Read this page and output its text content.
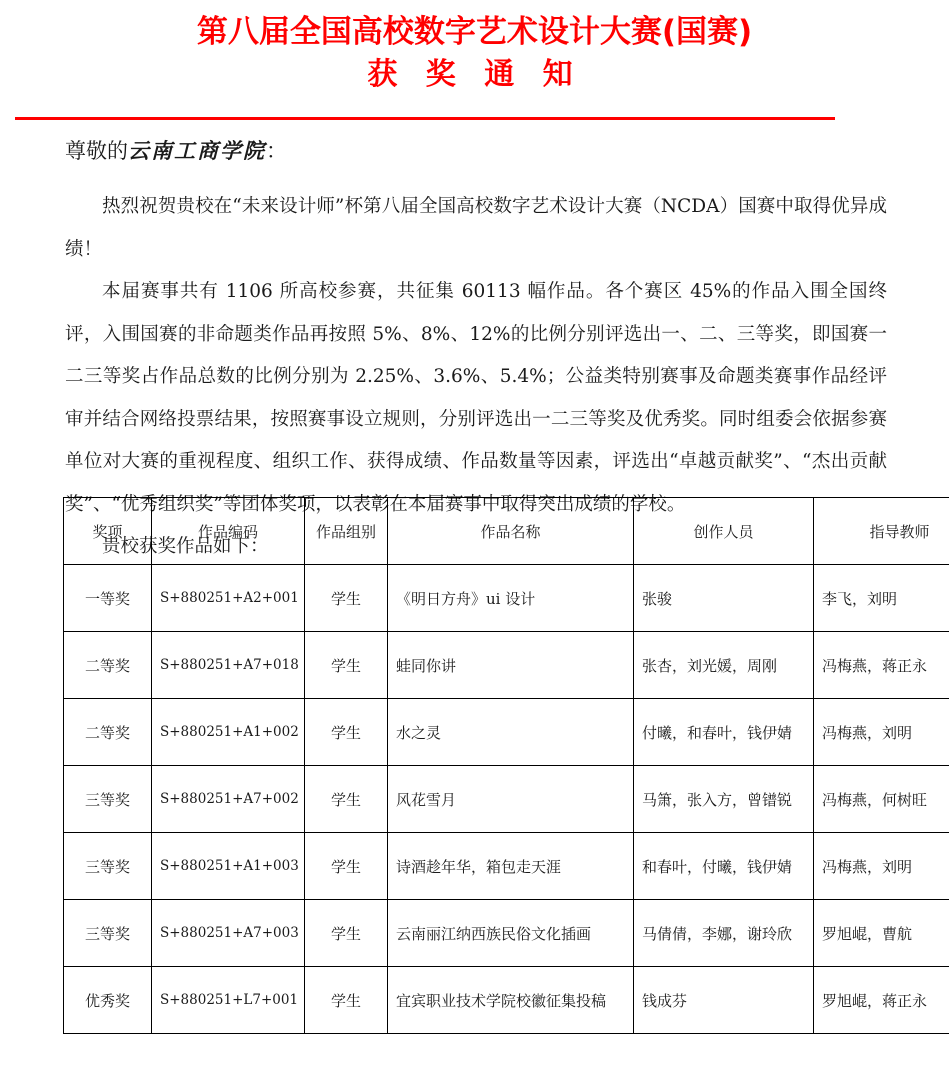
第八届全国高校数字艺术设计大赛(国赛)
获 奖 通 知

尊敬的云南工商学院：

热烈祝贺贵校在“未来设计师”杯第八届全国高校数字艺术设计大赛（NCDA）国赛中取得优异成绩！

本届赛事共有 1106 所高校参赛，共征集 60113 幅作品。各个赛区 45%的作品入围全国终评，入围国赛的非命题类作品再按照 5%、8%、12%的比例分别评选出一、二、三等奖，即国赛一二三等奖占作品总数的比例分别为 2.25%、3.6%、5.4%；公益类特别赛事及命题类赛事作品经评审并结合网络投票结果，按照赛事设立规则，分别评选出一二三等奖及优秀奖。同时组委会依据参赛单位对大赛的重视程度、组织工作、获得成绩、作品数量等因素，评选出“卓越贡献奖”、“杰出贡献奖”、“优秀组织奖”等团体奖项，以表彰在本届赛事中取得突出成绩的学校。

贵校获奖作品如下：

奖项	作品编码	作品组别	作品名称	创作人员	指导教师
一等奖	S+880251+A2+001	学生	《明日方舟》ui 设计	张骏	李飞，刘明
二等奖	S+880251+A7+018	学生	蛙同你讲	张杏，刘光媛，周刚	冯梅燕，蒋正永
二等奖	S+880251+A1+002	学生	水之灵	付曦，和春叶，钱伊婧	冯梅燕，刘明
三等奖	S+880251+A7+002	学生	风花雪月	马箫，张入方，曾镨锐	冯梅燕，何树旺
三等奖	S+880251+A1+003	学生	诗酒趁年华，箱包走天涯	和春叶，付曦，钱伊婧	冯梅燕，刘明
三等奖	S+880251+A7+003	学生	云南丽江纳西族民俗文化插画	马倩倩，李娜，谢玲欣	罗旭崐，曹航
优秀奖	S+880251+L7+001	学生	宜宾职业技术学院校徽征集投稿	钱成芬	罗旭崐，蒋正永
